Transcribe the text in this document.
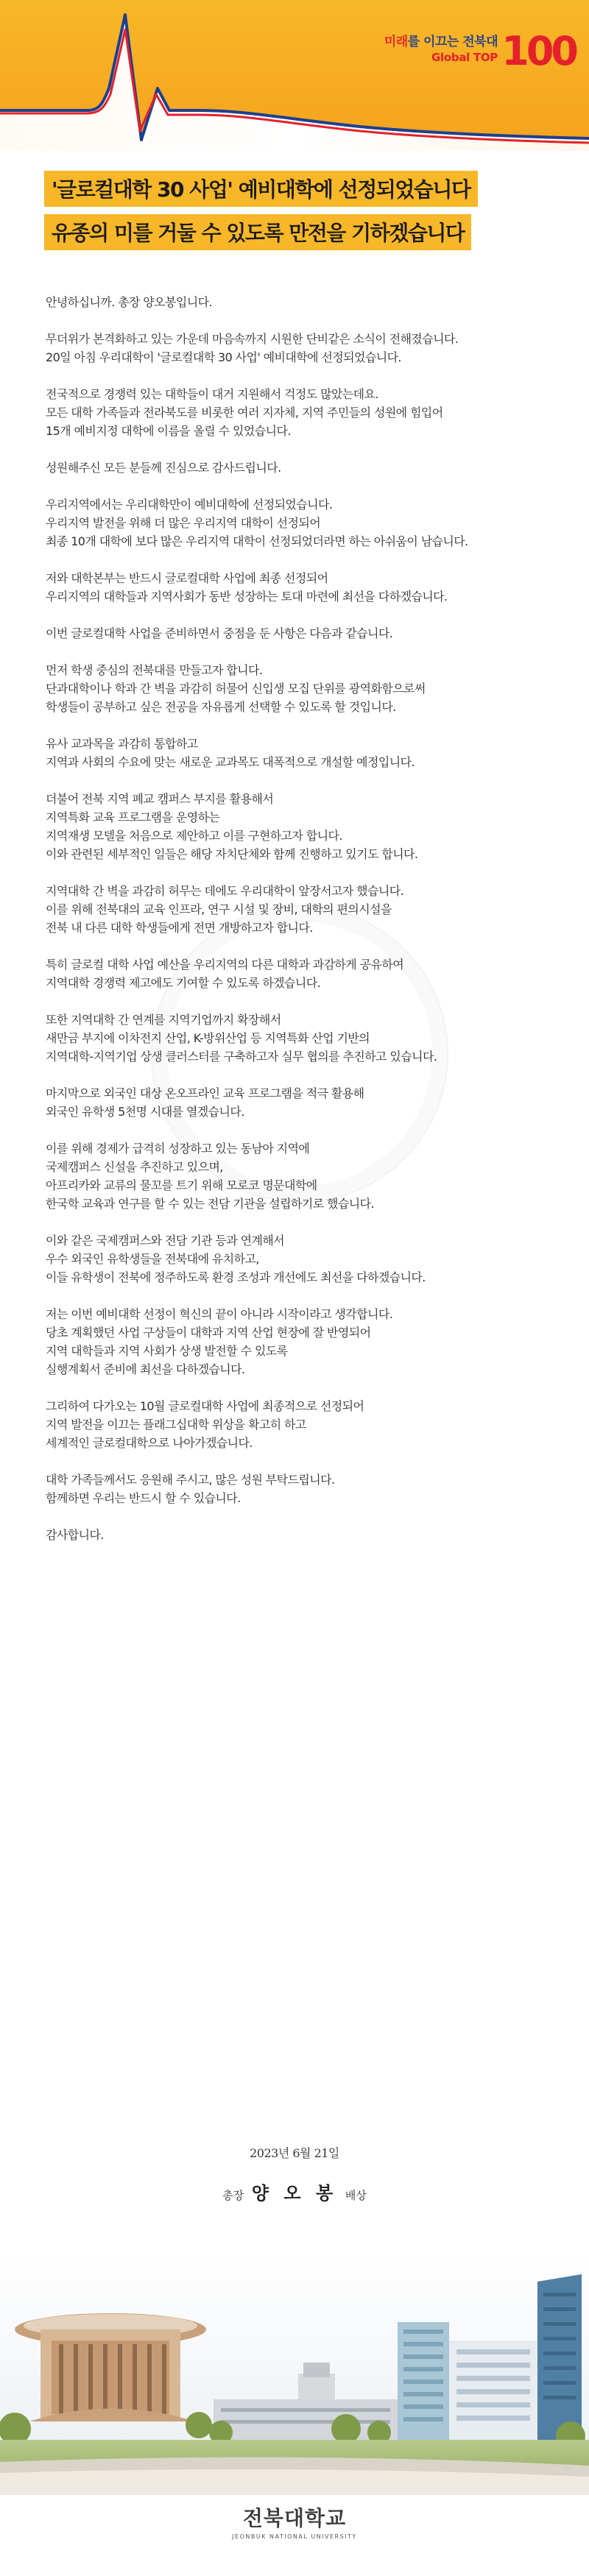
미래를 이끄는 전북대
Global TOP 100
'글로컬대학 30 사업' 예비대학에 선정되었습니다
유종의 미를 거둘 수 있도록 만전을 기하겠습니다
안녕하십니까. 총장 양오봉입니다.
무더위가 본격화하고 있는 가운데 마음속까지 시원한 단비같은 소식이 전해졌습니다.
20일 아침 우리대학이 '글로컬대학 30 사업' 예비대학에 선정되었습니다.
전국적으로 경쟁력 있는 대학들이 대거 지원해서 걱정도 많았는데요.
모든 대학 가족들과 전라북도를 비롯한 여러 지자체, 지역 주민들의 성원에 힘입어
15개 예비지정 대학에 이름을 올릴 수 있었습니다.
성원해주신 모든 분들께 진심으로 감사드립니다.
우리지역에서는 우리대학만이 예비대학에 선정되었습니다.
우리지역 발전을 위해 더 많은 우리지역 대학이 선정되어
최종 10개 대학에 보다 많은 우리지역 대학이 선정되었더라면 하는 아쉬움이 남습니다.
저와 대학본부는 반드시 글로컬대학 사업에 최종 선정되어
우리지역의 대학들과 지역사회가 동반 성장하는 토대 마련에 최선을 다하겠습니다.
이번 글로컬대학 사업을 준비하면서 중점을 둔 사항은 다음과 같습니다.
먼저 학생 중심의 전북대를 만들고자 합니다.
단과대학이나 학과 간 벽을 과감히 허물어 신입생 모집 단위를 광역화함으로써
학생들이 공부하고 싶은 전공을 자유롭게 선택할 수 있도록 할 것입니다.
유사 교과목을 과감히 통합하고
지역과 사회의 수요에 맞는 새로운 교과목도 대폭적으로 개설할 예정입니다.
더불어 전북 지역 폐교 캠퍼스 부지를 활용해서
지역특화 교육 프로그램을 운영하는
지역재생 모델을 처음으로 제안하고 이를 구현하고자 합니다.
이와 관련된 세부적인 일들은 해당 자치단체와 함께 진행하고 있기도 합니다.
지역대학 간 벽을 과감히 허무는 데에도 우리대학이 앞장서고자 했습니다.
이를 위해 전북대의 교육 인프라, 연구 시설 및 장비, 대학의 편의시설을
전북 내 다른 대학 학생들에게 전면 개방하고자 합니다.
특히 글로컬 대학 사업 예산을 우리지역의 다른 대학과 과감하게 공유하여
지역대학 경쟁력 제고에도 기여할 수 있도록 하겠습니다.
또한 지역대학 간 연계를 지역기업까지 확장해서
새만금 부지에 이차전지 산업, K-방위산업 등 지역특화 산업 기반의
지역대학-지역기업 상생 클러스터를 구축하고자 실무 협의를 추진하고 있습니다.
마지막으로 외국인 대상 온오프라인 교육 프로그램을 적극 활용해
외국인 유학생 5천명 시대를 열겠습니다.
이를 위해 경제가 급격히 성장하고 있는 동남아 지역에
국제캠퍼스 신설을 추진하고 있으며,
아프리카와 교류의 물꼬를 트기 위해 모로코 명문대학에
한국학 교육과 연구를 할 수 있는 전담 기관을 설립하기로 했습니다.
이와 같은 국제캠퍼스와 전담 기관 등과 연계해서
우수 외국인 유학생들을 전북대에 유치하고,
이들 유학생이 전북에 정주하도록 환경 조성과 개선에도 최선을 다하겠습니다.
저는 이번 예비대학 선정이 혁신의 끝이 아니라 시작이라고 생각합니다.
당초 계획했던 사업 구상들이 대학과 지역 산업 현장에 잘 반영되어
지역 대학들과 지역 사회가 상생 발전할 수 있도록
실행계획서 준비에 최선을 다하겠습니다.
그리하여 다가오는 10월 글로컬대학 사업에 최종적으로 선정되어
지역 발전을 이끄는 플래그십대학 위상을 확고히 하고
세계적인 글로컬대학으로 나아가겠습니다.
대학 가족들께서도 응원해 주시고, 많은 성원 부탁드립니다.
함께하면 우리는 반드시 할 수 있습니다.
감사합니다.
2023년 6월 21일
총장 양 오 봉 배상
전북대학교
JEONBUK NATIONAL UNIVERSITY
